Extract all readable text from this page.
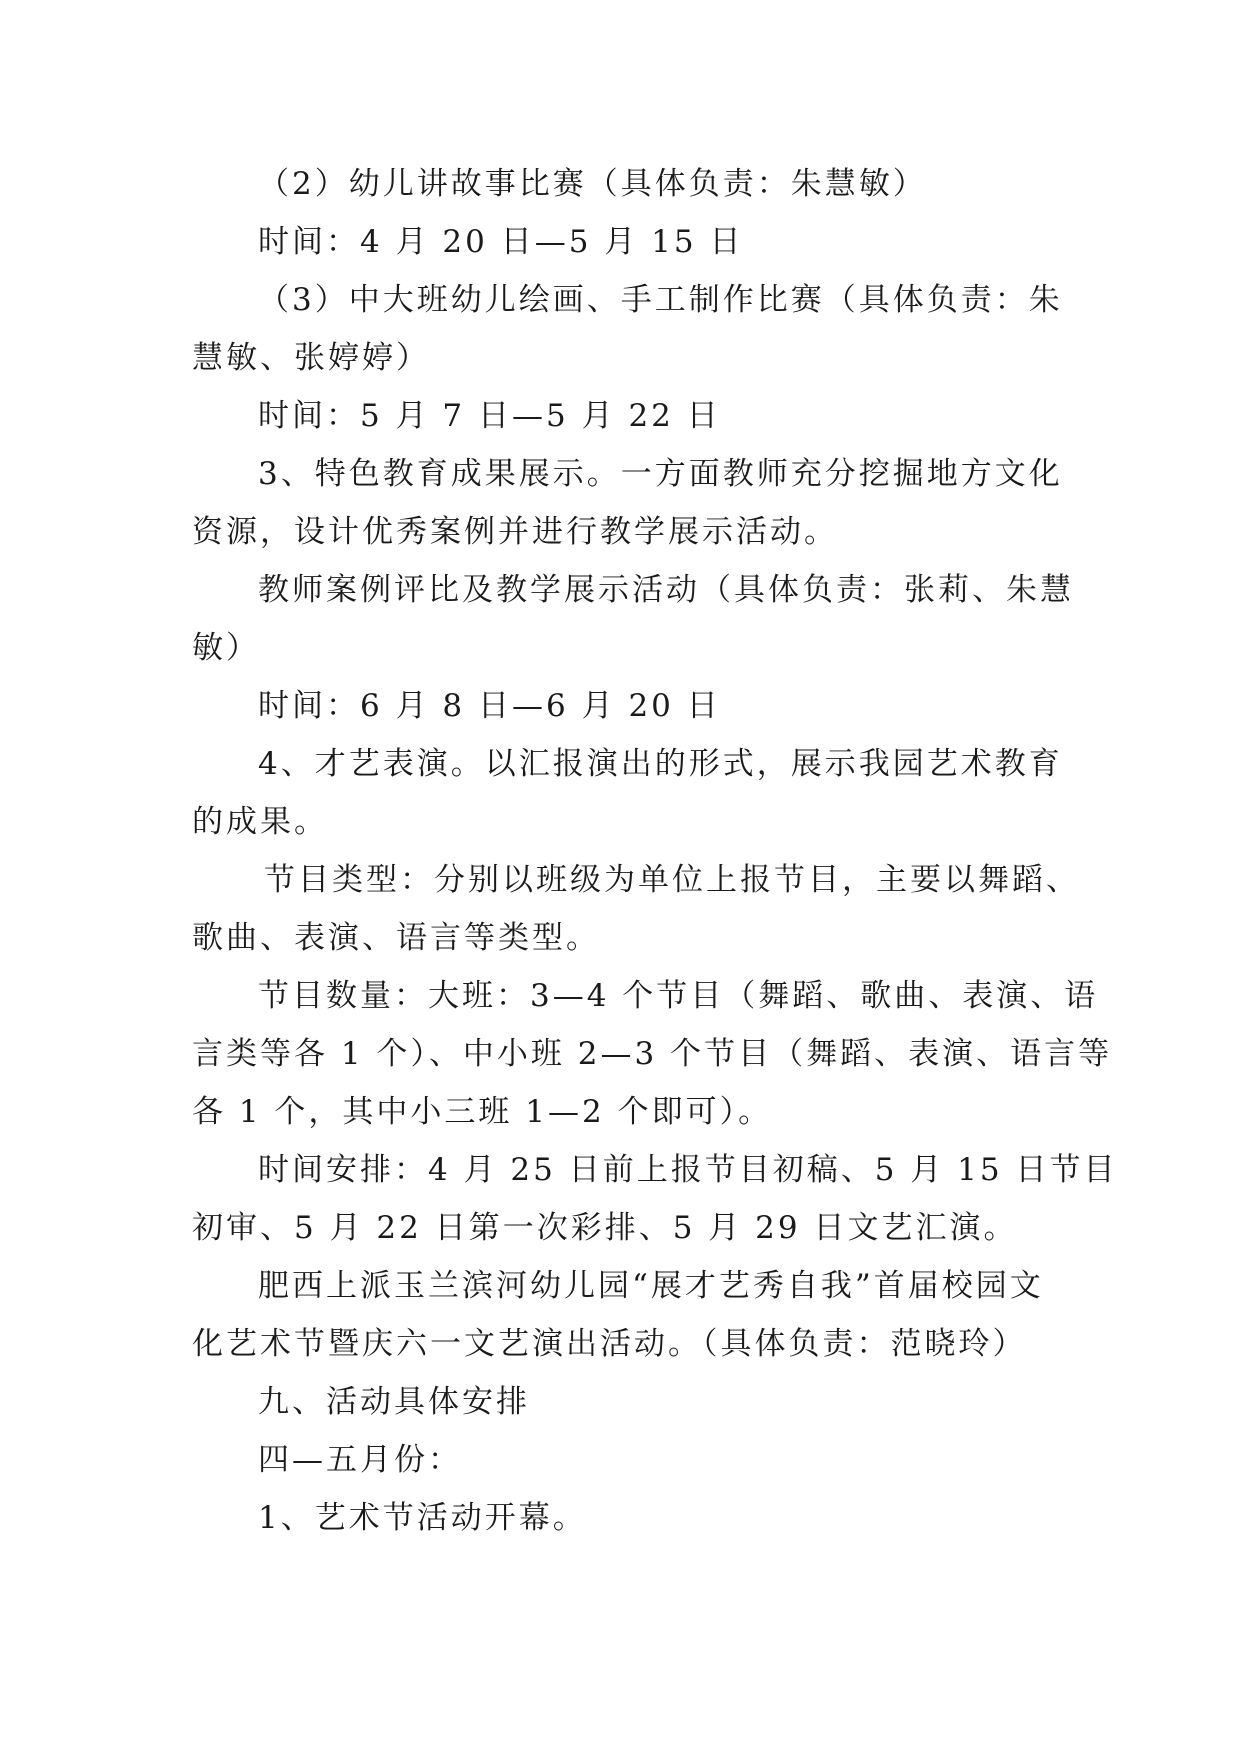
（2）幼儿讲故事比赛（具体负责：朱慧敏）
时间：4 月 20 日—5 月 15 日
（3）中大班幼儿绘画、手工制作比赛（具体负责：朱
慧敏、张婷婷）
时间：5 月 7 日—5 月 22 日
3、特色教育成果展示。一方面教师充分挖掘地方文化
资源，设计优秀案例并进行教学展示活动。
教师案例评比及教学展示活动（具体负责：张莉、朱慧
敏）
时间：6 月 8 日—6 月 20 日
4、才艺表演。以汇报演出的形式，展示我园艺术教育
的成果。
节目类型：分别以班级为单位上报节目，主要以舞蹈、
歌曲、表演、语言等类型。
节目数量：大班：3—4 个节目（舞蹈、歌曲、表演、语
言类等各 1 个）、中小班 2—3 个节目（舞蹈、表演、语言等
各 1 个，其中小三班 1—2 个即可）。
时间安排：4 月 25 日前上报节目初稿、5 月 15 日节目
初审、5 月 22 日第一次彩排、5 月 29 日文艺汇演。
肥西上派玉兰滨河幼儿园“展才艺秀自我”首届校园文
化艺术节暨庆六一文艺演出活动。（具体负责：范晓玲）
九、活动具体安排
四—五月份：
1、艺术节活动开幕。
